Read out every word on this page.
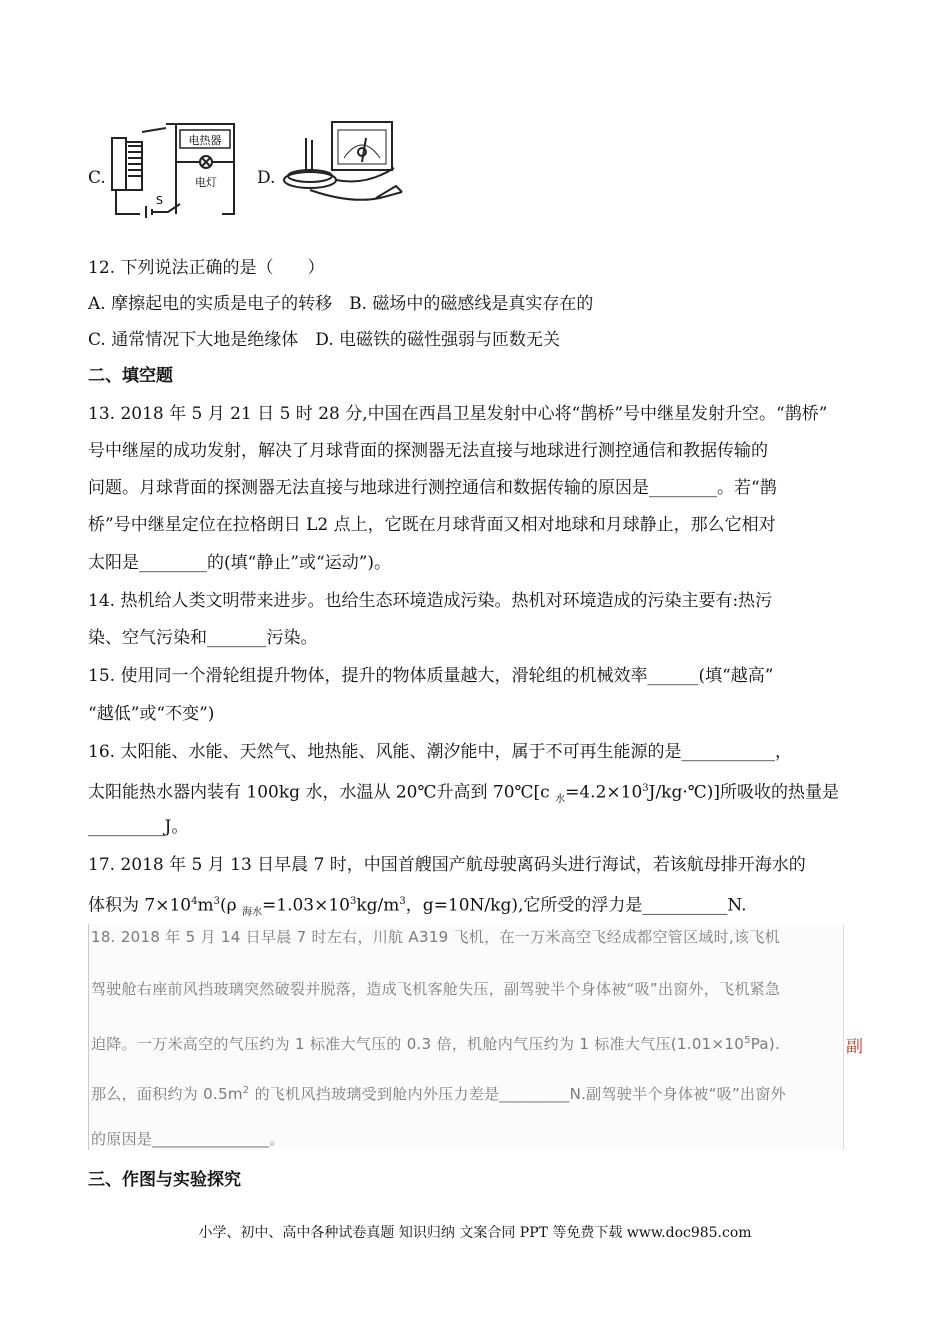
C.
电热器
电灯
S
D.
12. 下列说法正确的是（　　）
A. 摩擦起电的实质是电子的转移　B. 磁场中的磁感线是真实存在的
C. 通常情况下大地是绝缘体　D. 电磁铁的磁性强弱与匝数无关
二、填空题
13. 2018 年 5 月 21 日 5 时 28 分,中国在西昌卫星发射中心将“鹊桥”号中继星发射升空。“鹊桥”
号中继屋的成功发射，解决了月球背面的探测器无法直接与地球进行测控通信和教据传输的
问题。月球背面的探测器无法直接与地球进行测控通信和数据传输的原因是________。若“鹊
桥”号中继星定位在拉格朗日 L2 点上，它既在月球背面又相对地球和月球静止，那么它相对
太阳是________的(填“静止”或“运动”)。
14. 热机给人类文明带来进步。也给生态环境造成污染。热机对环境造成的污染主要有:热污
染、空气污染和_______污染。
15. 使用同一个滑轮组提升物体，提升的物体质量越大，滑轮组的机械效率______(填“越高”
“越低”或“不变”)
16. 太阳能、水能、天然气、地热能、风能、潮汐能中，属于不可再生能源的是___________，
太阳能热水器内装有 100kg 水，水温从 20℃升高到 70℃[c $_水=4.2\times 10^3J/kg\cdot℃$)]所吸收的热量是
_________J。
17. 2018 年 5 月 13 日早晨 7 时，中国首艘国产航母驶离码头进行海试，若该航母排开海水的
体积为 $7\times 10^4m^3(\rho$ $_{海水}=1.03\times 10^3kg/m^3$，g=10N/kg),它所受的浮力是__________N.
18. 2018 年 5 月 14 日早晨 7 时左右，川航 A319 飞机，在一万米高空飞经成都空管区域时,该飞机
驾驶舱右座前风挡玻璃突然破裂并脱落，造成飞机客舱失压，副驾驶半个身体被“吸”出窗外，飞机紧急
迫降。一万米高空的气压约为 1 标准大气压的 0.3 倍，机舱内气压约为 1 标准大气压$(1.01\times 10^5Pa)$.
那么，面积约为 $0.5m^2$ 的飞机风挡玻璃受到舱内外压力差是_________N.副驾驶半个身体被“吸”出窗外
的原因是_______________。
副
三、作图与实验探究
小学、初中、高中各种试卷真题 知识归纳 文案合同 PPT 等免费下载 www.doc985.com
